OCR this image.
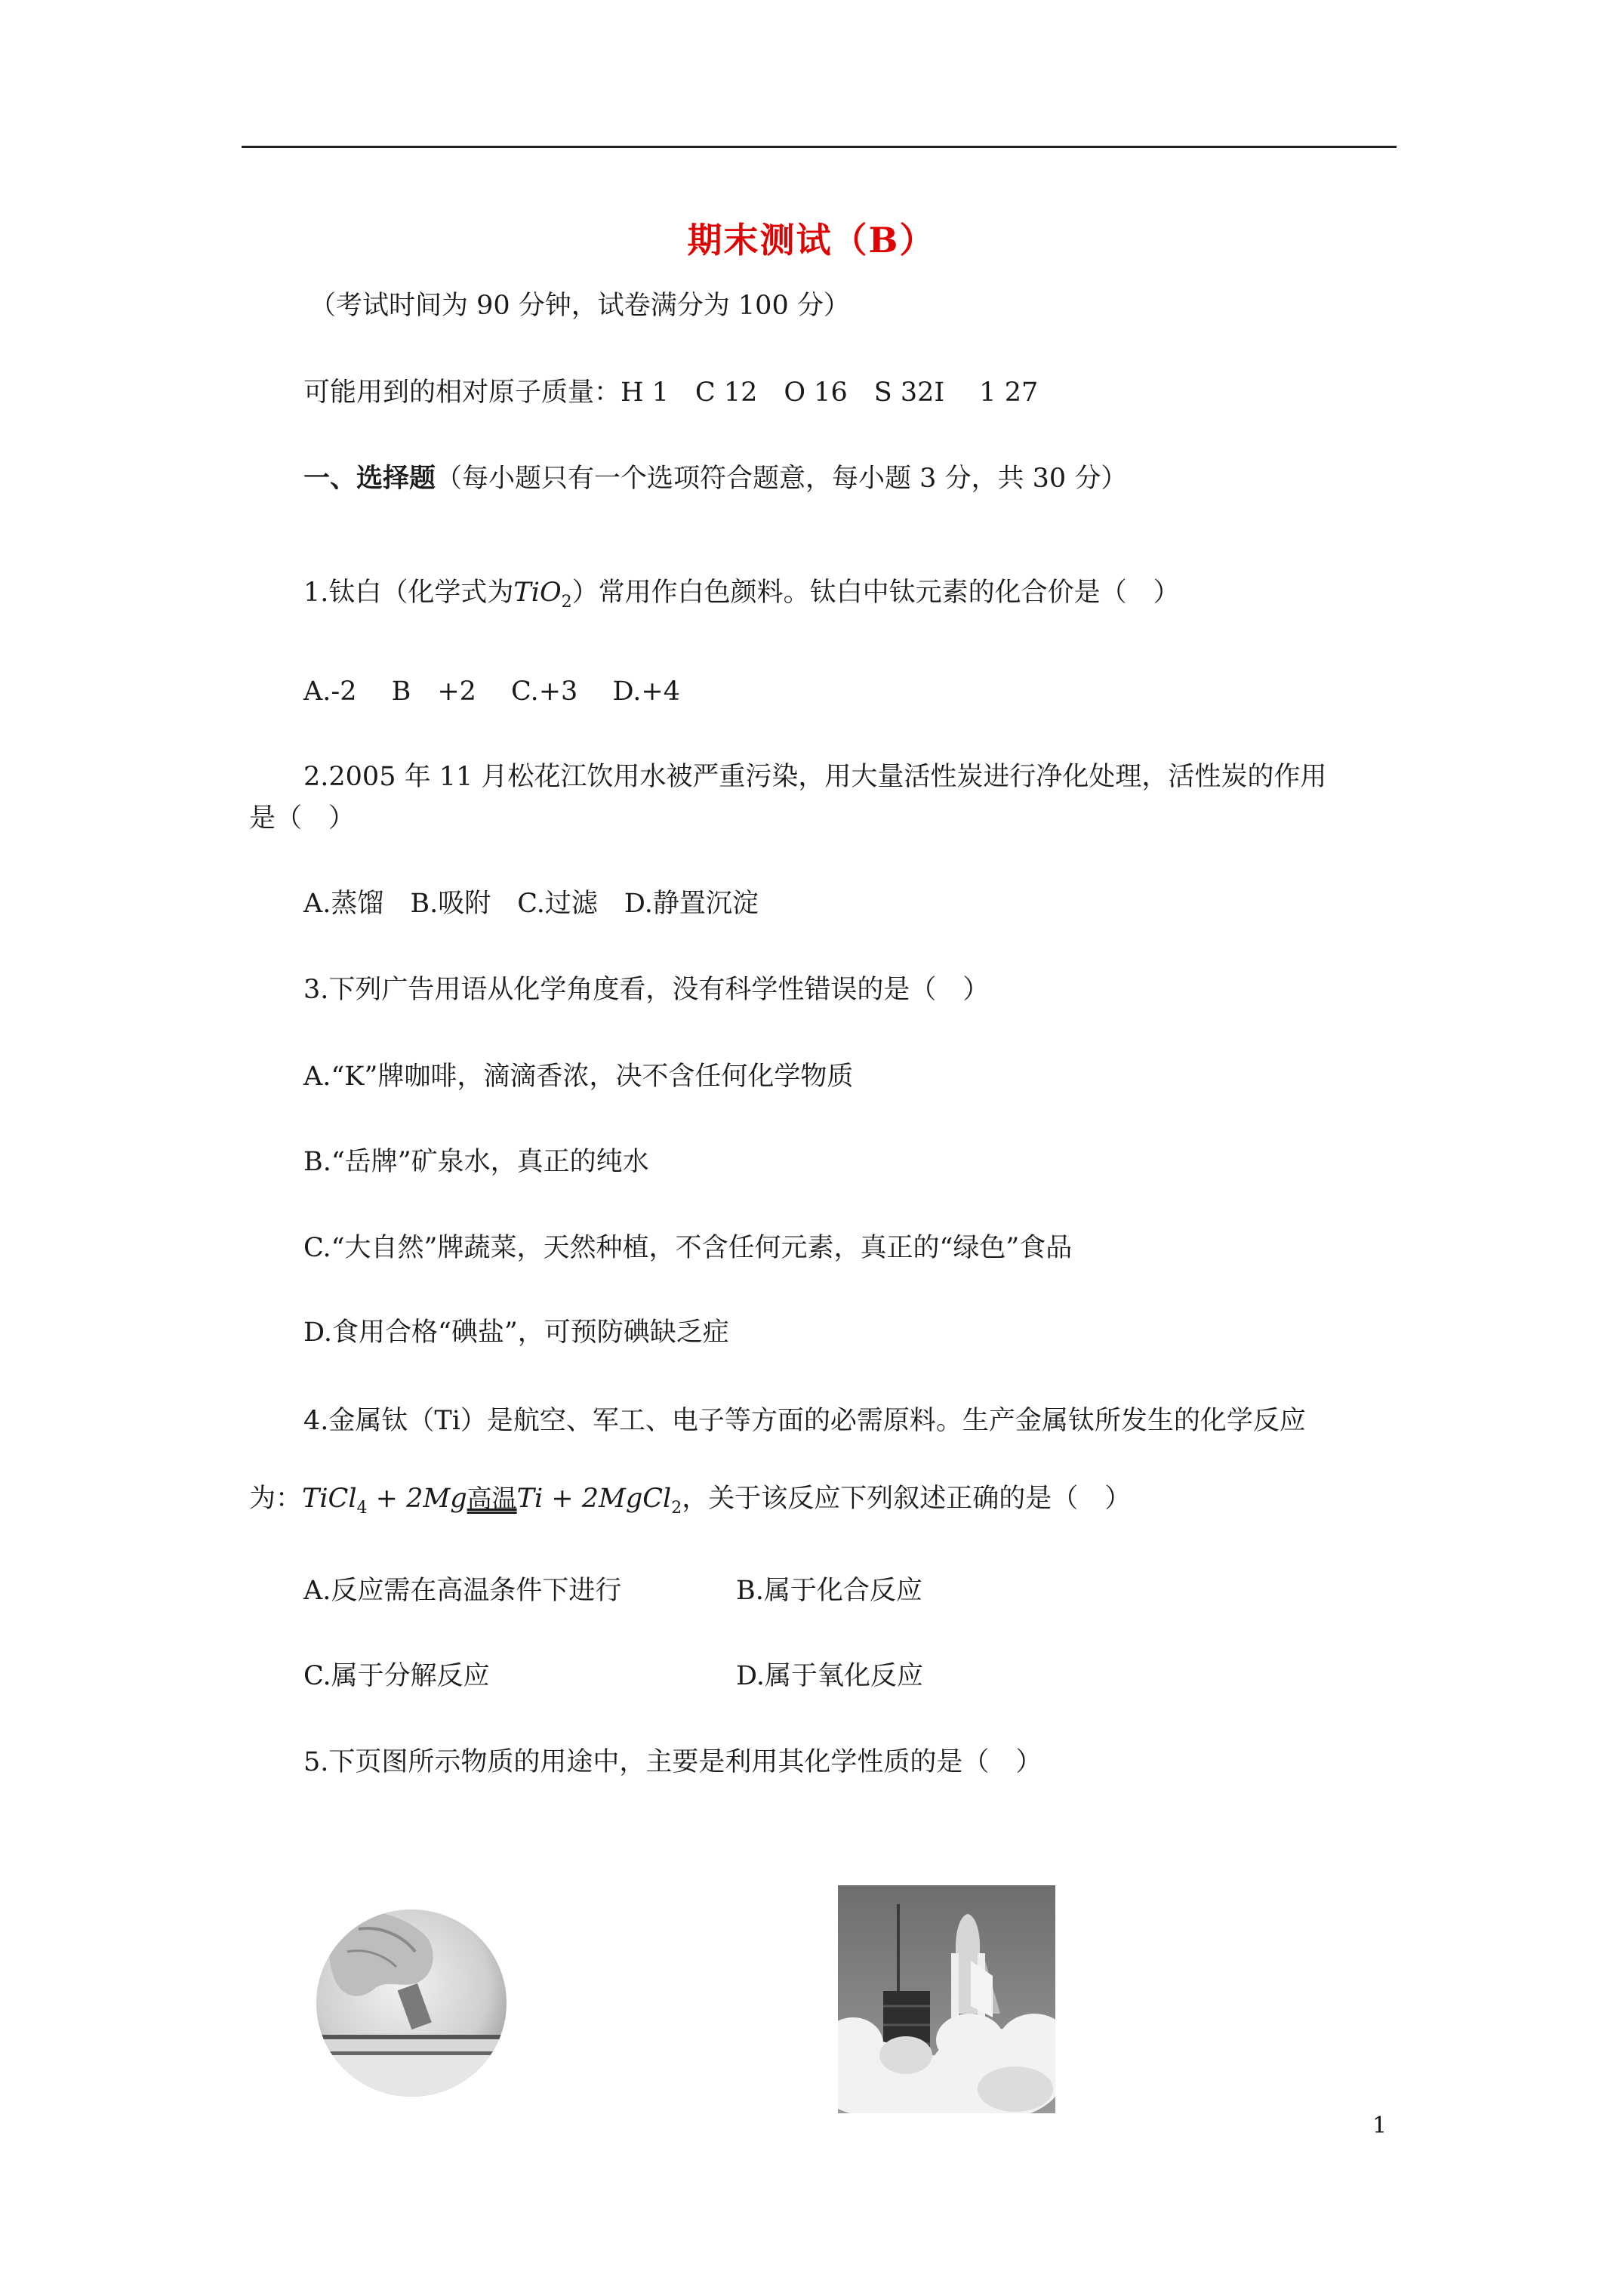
期末测试（B）
（考试时间为 90 分钟，试卷满分为 100 分）
可能用到的相对原子质量：H 1　C 12　O 16　S 32I　 1 27
一、选择题（每小题只有一个选项符合题意，每小题 3 分，共 30 分）
1.钛白（化学式为TiO$_2$）常用作白色颜料。钛白中钛元素的化合价是（　）
A.-2　 B　+2　 C.+3　 D.+4
2.2005 年 11 月松花江饮用水被严重污染，用大量活性炭进行净化处理，活性炭的作用
是（　）
A.蒸馏　B.吸附　C.过滤　D.静置沉淀
3.下列广告用语从化学角度看，没有科学性错误的是（　）
A.“K”牌咖啡，滴滴香浓，决不含任何化学物质
B.“岳牌”矿泉水，真正的纯水
C.“大自然”牌蔬菜，天然种植，不含任何元素，真正的“绿色”食品
D.食用合格“碘盐”，可预防碘缺乏症
4.金属钛（Ti）是航空、军工、电子等方面的必需原料。生产金属钛所发生的化学反应
为：TiCl$_4$ + 2Mg高温Ti + 2MgCl$_2$，关于该反应下列叙述正确的是（　）
A.反应需在高温条件下进行	B.属于化合反应
C.属于分解反应	D.属于氧化反应
5.下页图所示物质的用途中，主要是利用其化学性质的是（　）
1
